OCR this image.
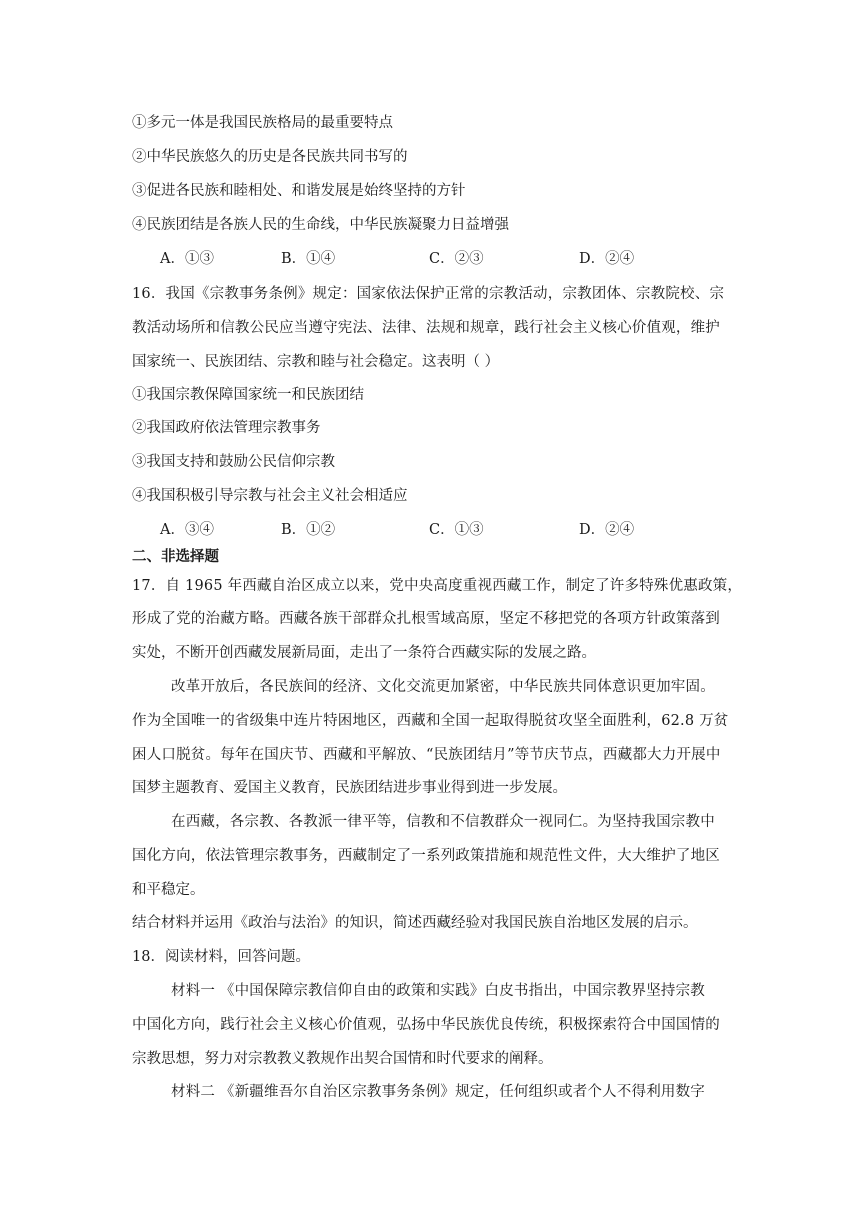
①多元一体是我国民族格局的最重要特点
②中华民族悠久的历史是各民族共同书写的
③促进各民族和睦相处、和谐发展是始终坚持的方针
④民族团结是各族人民的生命线，中华民族凝聚力日益增强
A．①③	B．①④	C．②③	D．②④
16．我国《宗教事务条例》规定：国家依法保护正常的宗教活动，宗教团体、宗教院校、宗
教活动场所和信教公民应当遵守宪法、法律、法规和规章，践行社会主义核心价值观，维护
国家统一、民族团结、宗教和睦与社会稳定。这表明（ ）
①我国宗教保障国家统一和民族团结
②我国政府依法管理宗教事务
③我国支持和鼓励公民信仰宗教
④我国积极引导宗教与社会主义社会相适应
A．③④	B．①②	C．①③	D．②④
二、非选择题
17．自 1965 年西藏自治区成立以来，党中央高度重视西藏工作，制定了许多特殊优惠政策，
形成了党的治藏方略。西藏各族干部群众扎根雪域高原，坚定不移把党的各项方针政策落到
实处，不断开创西藏发展新局面，走出了一条符合西藏实际的发展之路。
改革开放后，各民族间的经济、文化交流更加紧密，中华民族共同体意识更加牢固。
作为全国唯一的省级集中连片特困地区，西藏和全国一起取得脱贫攻坚全面胜利，62.8 万贫
困人口脱贫。每年在国庆节、西藏和平解放、“民族团结月”等节庆节点，西藏都大力开展中
国梦主题教育、爱国主义教育，民族团结进步事业得到进一步发展。
在西藏，各宗教、各教派一律平等，信教和不信教群众一视同仁。为坚持我国宗教中
国化方向，依法管理宗教事务，西藏制定了一系列政策措施和规范性文件，大大维护了地区
和平稳定。
结合材料并运用《政治与法治》的知识，简述西藏经验对我国民族自治地区发展的启示。
18．阅读材料，回答问题。
材料一 《中国保障宗教信仰自由的政策和实践》白皮书指出，中国宗教界坚持宗教
中国化方向，践行社会主义核心价值观，弘扬中华民族优良传统，积极探索符合中国国情的
宗教思想，努力对宗教教义教规作出契合国情和时代要求的阐释。
材料二 《新疆维吾尔自治区宗教事务条例》规定，任何组织或者个人不得利用数字
